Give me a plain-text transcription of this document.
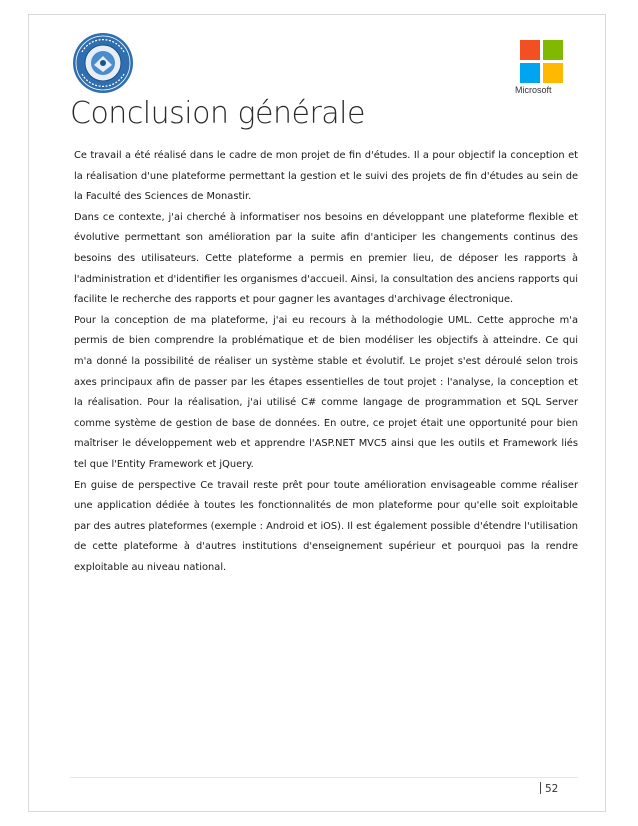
Microsoft
Conclusion générale

Ce travail a été réalisé dans le cadre de mon projet de fin d'études. Il a pour objectif la conception et la réalisation d'une plateforme permettant la gestion et le suivi des projets de fin d'études au sein de la Faculté des Sciences de Monastir.

Dans ce contexte, j'ai cherché à informatiser nos besoins en développant une plateforme flexible et évolutive permettant son amélioration par la suite afin d'anticiper les changements continus des besoins des utilisateurs. Cette plateforme a permis en premier lieu, de déposer les rapports à l'administration et d'identifier les organismes d'accueil. Ainsi, la consultation des anciens rapports qui facilite le recherche des rapports et pour gagner les avantages d'archivage électronique.

Pour la conception de ma plateforme, j'ai eu recours à la méthodologie UML. Cette approche m'a permis de bien comprendre la problématique et de bien modéliser les objectifs à atteindre. Ce qui m'a donné la possibilité de réaliser un système stable et évolutif. Le projet s'est déroulé selon trois axes principaux afin de passer par les étapes essentielles de tout projet : l'analyse, la conception et la réalisation. Pour la réalisation, j'ai utilisé C# comme langage de programmation et SQL Server comme système de gestion de base de données. En outre, ce projet était une opportunité pour bien maîtriser le développement web et apprendre l'ASP.NET MVC5 ainsi que les outils et Framework liés tel que l'Entity Framework et jQuery.

En guise de perspective Ce travail reste prêt pour toute amélioration envisageable comme réaliser une application dédiée à toutes les fonctionnalités de mon plateforme pour qu'elle soit exploitable par des autres plateformes (exemple : Android et iOS). Il est également possible d'étendre l'utilisation de cette plateforme à d'autres institutions d'enseignement supérieur et pourquoi pas la rendre exploitable au niveau national.

52
